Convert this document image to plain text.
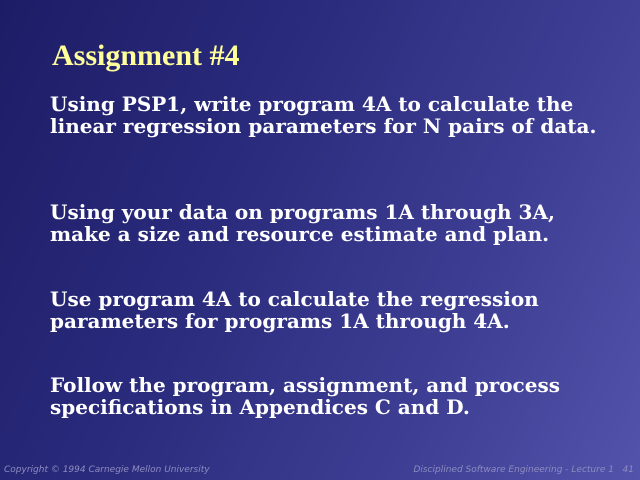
Assignment #4
Using PSP1, write program 4A to calculate the linear regression parameters for N pairs of data.
Using your data on programs 1A through 3A, make a size and resource estimate and plan.
Use program 4A to calculate the regression parameters for programs 1A through 4A.
Follow the program, assignment, and process specifications in Appendices C and D.
Copyright © 1994 Carnegie Mellon University	Disciplined Software Engineering - Lecture 1 41
